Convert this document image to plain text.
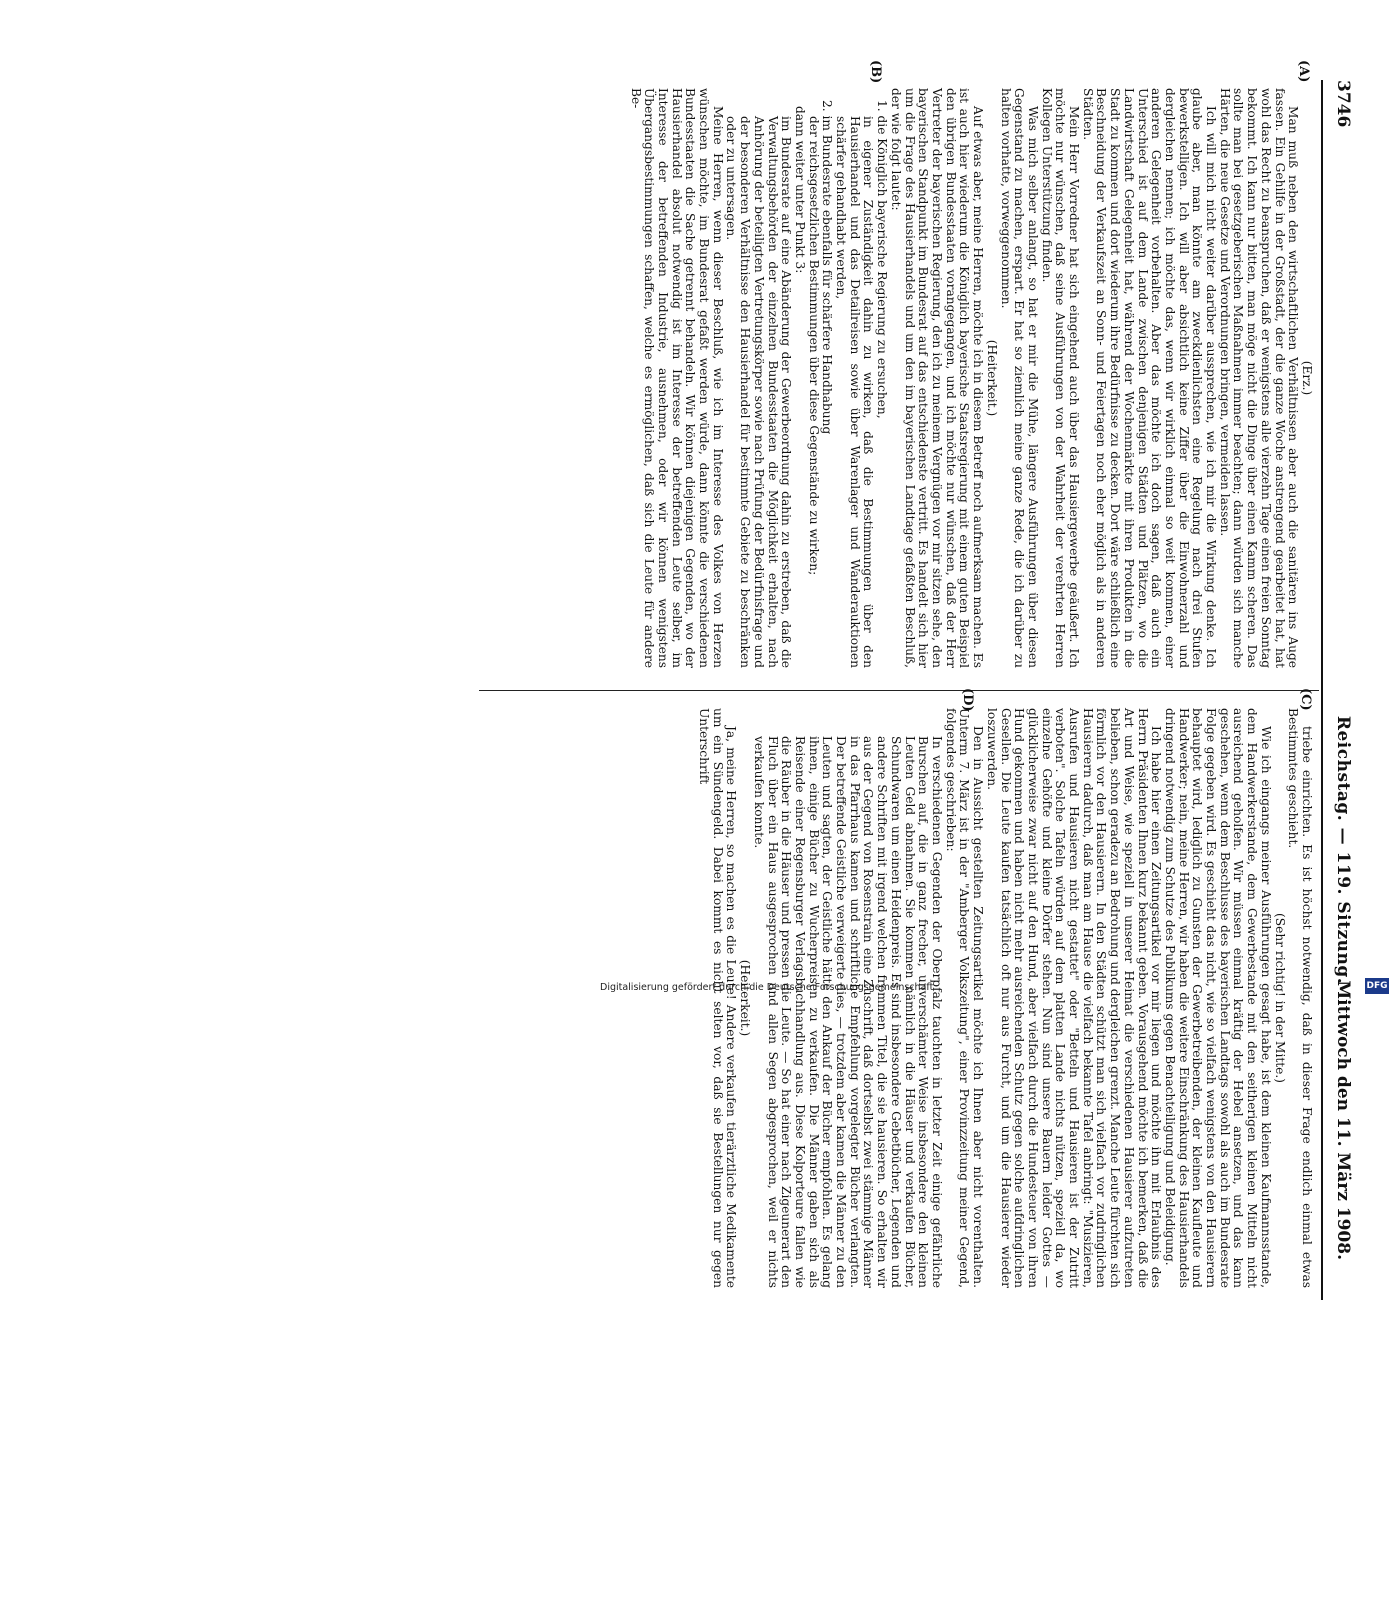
3746
Reichstag. — 119. Sitzung.
Mittwoch den 11. März 1908.
(A)
(B)
(C)
(D)

(Erz.)

Man muß neben den wirtschaftlichen Verhältnissen aber auch die sanitären ins Auge fassen. Ein Gehilfe in der Großstadt, der die ganze Woche anstrengend gearbeitet hat, hat wohl das Recht zu beanspruchen, daß er wenigstens alle vierzehn Tage einen freien Sonntag bekommt. Ich kann nur bitten, man möge nicht die Dinge über einen Kamm scheren. Das sollte man bei gesetzgeberischen Maßnahmen immer beachten; dann würden sich manche Härten, die neue Gesetze und Verordnungen bringen, vermeiden lassen.

Ich will mich nicht weiter darüber aussprechen, wie ich mir die Wirkung denke. Ich glaube aber, man könnte am zweckdienlichsten eine Regelung nach drei Stufen bewerkstelligen. Ich will aber absichtlich keine Ziffer über die Einwohnerzahl und dergleichen nennen; ich möchte das, wenn wir wirklich einmal so weit kommen, einer anderen Gelegenheit vorbehalten. Aber das möchte ich doch sagen, daß auch ein Unterschied ist auf dem Lande zwischen denjenigen Städten und Plätzen, wo die Landwirtschaft Gelegenheit hat, während der Wochenmärkte mit ihren Produkten in die Stadt zu kommen und dort wiederum ihre Bedürfnisse zu decken. Dort wäre schließlich eine Beschneidung der Verkaufszeit an Sonn- und Feiertagen noch eher möglich als in anderen Städten.

Mein Herr Vorredner hat sich eingehend auch über das Hausiergewerbe geäußert. Ich möchte nur wünschen, daß seine Ausführungen von der Wahrheit der verehrten Herren Kollegen Unterstützung finden.

Was mich selber anlangt, so hat er mir die Mühe, längere Ausführungen über diesen Gegenstand zu machen, erspart. Er hat so ziemlich meine ganze Rede, die ich darüber zu halten vorhatte, vorweggenommen.

(Heiterkeit.)

Auf etwas aber, meine Herren, möchte ich in diesem Betreff noch aufmerksam machen. Es ist auch hier wiederum die Königlich bayerische Staatsregierung mit einem guten Beispiel den übrigen Bundesstaaten vorangegangen, und ich möchte nur wünschen, daß der Herr Vertreter der bayerischen Regierung, den ich zu meinem Vergnügen vor mir sitzen sehe, den bayerischen Standpunkt im Bundesrat auf das entschiedenste vertritt. Es handelt sich hier um die Frage des Hausierhandels und um den im bayerischen Landtage gefaßten Beschluß, der wie folgt lautet:

1. die Königlich bayerische Regierung zu ersuchen,

in eigener Zuständigkeit dahin zu wirken, daß die Bestimmungen über den Hausierhandel und das Detailreisen sowie über Warenlager und Wanderauktionen schärfer gehandhabt werden,

2. im Bundesrate ebenfalls für schärfere Handhabung

der reichsgesetzlichen Bestimmungen über diese Gegenstände zu wirken;

dann weiter unter Punkt 3:

im Bundesrate auf eine Abänderung der Gewerbeordnung dahin zu erstreben, daß die Verwaltungsbehörden der einzelnen Bundesstaaten die Möglichkeit erhalten, nach Anhörung der beteiligten Vertretungskörper sowie nach Prüfung der Bedürfnisfrage und der besonderen Verhältnisse den Hausierhandel für bestimmte Gebiete zu beschränken oder zu untersagen.

Meine Herren, wenn dieser Beschluß, wie ich im Interesse des Volkes von Herzen wünschen möchte, im Bundesrat gefaßt werden würde, dann könnte die verschiedenen Bundesstaaten die Sache getrennt behandeln. Wir können diejenigen Gegenden, wo der Hausierhandel absolut notwendig ist im Interesse der betreffenden Leute selber, im Interesse der betreffenden Industrie, ausnehmen, oder wir können wenigstens Übergangsbestimmungen schaffen, welche es ermöglichen, daß sich die Leute für andere Be-

triebe einrichten. Es ist höchst notwendig, daß in dieser Frage endlich einmal etwas Bestimmtes geschieht.

(Sehr richtig! in der Mitte.)

Wie ich eingangs meiner Ausführungen gesagt habe, ist dem kleinen Kaufmannsstande, dem Handwerkerstande, dem Gewerbestande mit den seitherigen kleinen Mitteln nicht ausreichend geholfen. Wir müssen einmal kräftig der Hebel ansetzen, und das kann geschehen, wenn dem Beschlusse des bayerischen Landtags sowohl als auch im Bundesrate Folge gegeben wird. Es geschieht das nicht, wie so vielfach wenigstens von den Hausierern behauptet wird, lediglich zu Gunsten der Gewerbetreibenden, der kleinen Kaufleute und Handwerker; nein, meine Herren, wir haben die weitere Einschränkung des Hausierhandels dringend notwendig zum Schutze des Publikums gegen Benachteiligung und Beleidigung.

Ich habe hier einen Zeitungsartikel vor mir liegen und möchte ihn mit Erlaubnis des Herrn Präsidenten Ihnen kurz bekannt geben. Vorausgehend möchte ich bemerken, daß die Art und Weise, wie speziell in unserer Heimat die verschiedenen Hausierer aufzutreten belieben, schon geradezu an Bedrohung und dergleichen grenzt. Manche Leute fürchten sich förmlich vor den Hausierern. In den Städten schützt man sich vielfach vor zudringlichen Hausierern dadurch, daß man am Hause die vielfach bekannte Tafel anbringt: "Musizieren, Ausrufen und Hausieren nicht gestattet" oder "Betteln und Hausieren ist der Zutritt verboten". Solche Tafeln würden auf dem platten Lande nichts nützen, speziell da, wo einzelne Gehöfte und kleine Dörfer stehen. Nun sind unsere Bauern leider Gottes — glücklicherweise zwar nicht auf den Hund, aber vielfach durch die Hundesteuer von ihren Hund gekommen und haben nicht mehr ausreichenden Schutz gegen solche aufdringlichen Gesellen. Die Leute kaufen tatsächlich oft nur aus Furcht, und um die Hausierer wieder loszuwerden.

Den in Aussicht gestellten Zeitungsartikel möchte ich Ihnen aber nicht vorenthalten. Unterm 7. März ist in der "Amberger Volkszeitung", einer Provinzzeitung meiner Gegend, folgendes geschrieben:

In verschiedenen Gegenden der Oberpfalz tauchten in letzter Zeit einige gefährliche Burschen auf, die in ganz frecher, unverschämter Weise insbesondere den kleinen Leuten Geld abnahmen. Sie kommen nämlich in die Häuser und verkaufen Bücher, Schundwaren um einen Heidenpreis. Es sind insbesondere Gebetbücher, Legenden und andere Schriften mit irgend welchen frommen Titel, die sie hausieren. So erhalten wir aus der Gegend von Rosenstrain eine Zuschrift, daß dortselbst zwei stämmige Männer in das Pfarrhaus kamen und schriftliche Empfehlung vorgelegter Bücher verlangten. Der betreffende Geistliche verweigerte dies, — trotzdem aber kamen die Männer zu den Leuten und sagten, der Geistliche hätte den Ankauf der Bücher empfohlen. Es gelang ihnen, einige Bücher zu Wucherpreisen zu verkaufen. Die Männer gaben sich als Reisende einer Regensburger Verlagsbuchhandlung aus. Diese Kolporteure fallen wie die Räuber in die Häuser und pressen die Leute. — So hat einer nach Zigeunerart den Fluch über ein Haus ausgesprochen und allen Segen abgesprochen, weil er nichts verkaufen konnte.

(Heiterkeit.)

Ja, meine Herren, so machen es die Leute! Andere verkaufen tierärztliche Medikamente um ein Sündengeld. Dabei kommt es nicht selten vor, daß sie Bestellungen nur gegen Unterschrift

Digitalisierung gefördert durch die Deutsche Forschungsgemeinschaft	DFG
